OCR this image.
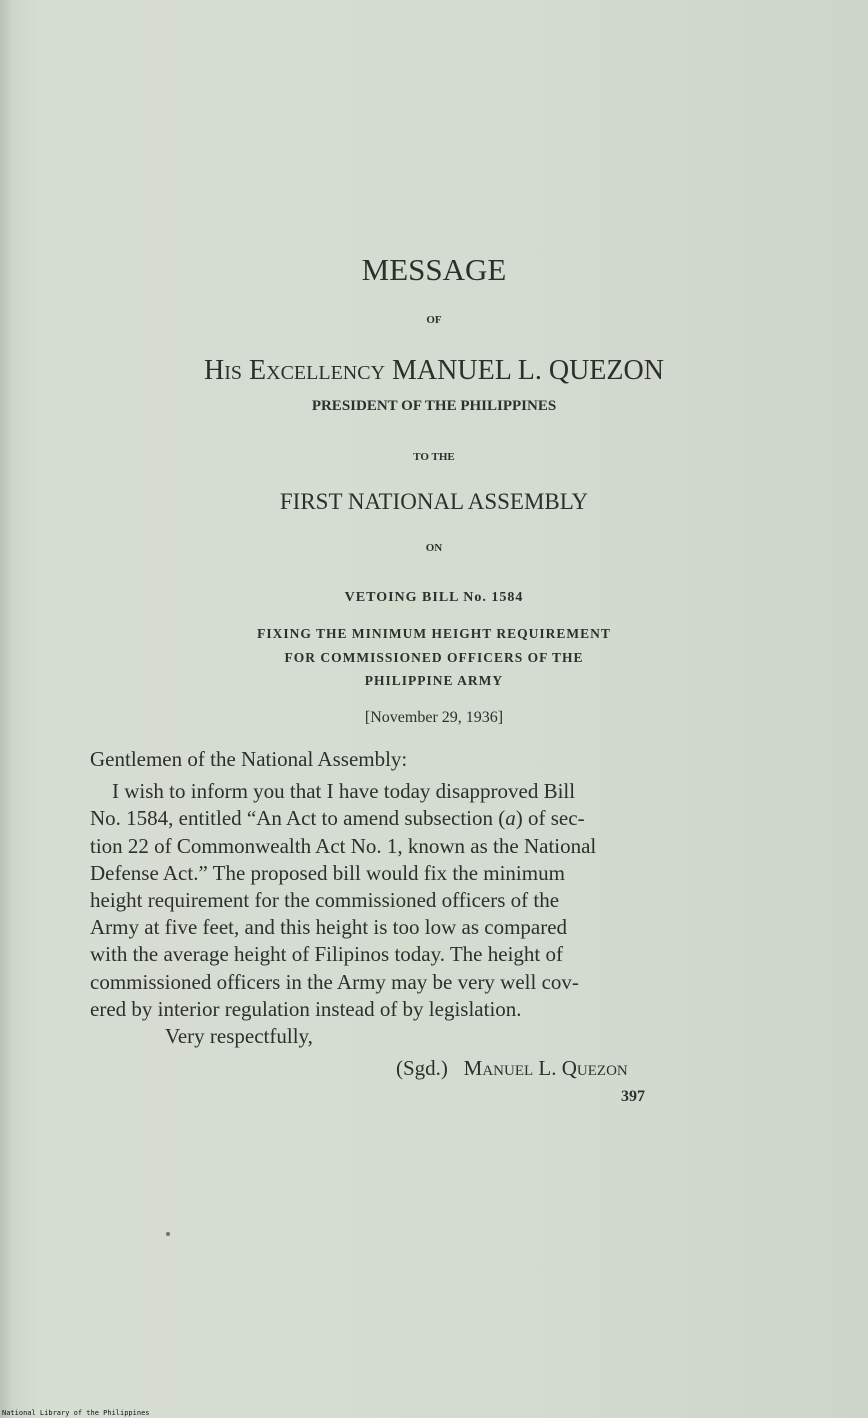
MESSAGE
OF
His Excellency MANUEL L. QUEZON
PRESIDENT OF THE PHILIPPINES
TO THE
FIRST NATIONAL ASSEMBLY
ON
VETOING BILL No. 1584
FIXING THE MINIMUM HEIGHT REQUIREMENT
FOR COMMISSIONED OFFICERS OF THE
PHILIPPINE ARMY
[November 29, 1936]

Gentlemen of the National Assembly:

I wish to inform you that I have today disapproved Bill

No. 1584, entitled “An Act to amend subsection (a) of sec-

tion 22 of Commonwealth Act No. 1, known as the National

Defense Act.” The proposed bill would fix the minimum

height requirement for the commissioned officers of the

Army at five feet, and this height is too low as compared

with the average height of Filipinos today. The height of

commissioned officers in the Army may be very well cov-

ered by interior regulation instead of by legislation.

Very respectfully,

(Sgd.) Manuel L. Quezon
397
National Library of the Philippines
